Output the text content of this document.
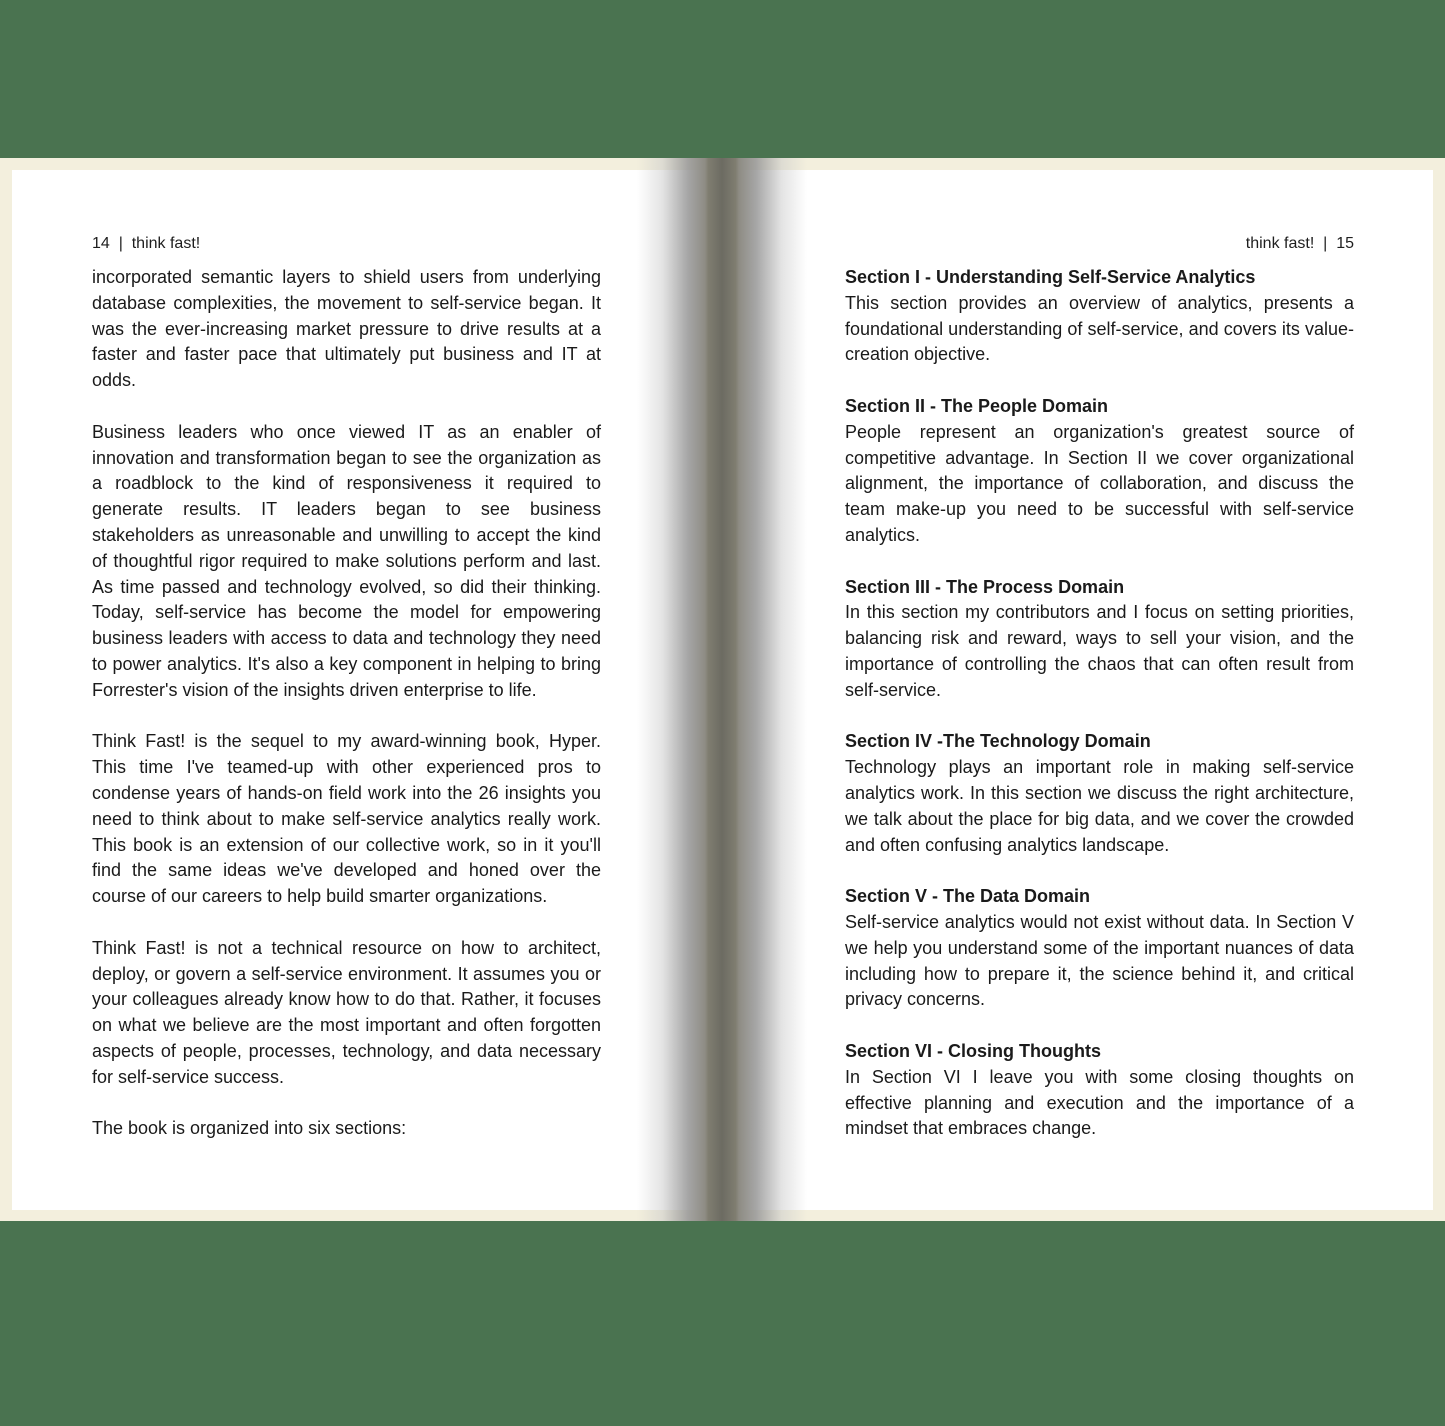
14  |  think fast!

incorporated semantic layers to shield users from underlying database complexities, the movement to self-service began. It was the ever-increasing market pressure to drive results at a faster and faster pace that ultimately put business and IT at odds.

Business leaders who once viewed IT as an enabler of innovation and transformation began to see the organization as a roadblock to the kind of responsiveness it required to generate results. IT leaders began to see business stakeholders as unreasonable and unwilling to accept the kind of thoughtful rigor required to make solutions perform and last. As time passed and technology evolved, so did their thinking. Today, self-service has become the model for empowering business leaders with access to data and technology they need to power analytics. It's also a key component in helping to bring Forrester's vision of the insights driven enterprise to life.

Think Fast! is the sequel to my award-winning book, Hyper. This time I've teamed-up with other experienced pros to condense years of hands-on field work into the 26 insights you need to think about to make self-service analytics really work. This book is an extension of our collective work, so in it you'll find the same ideas we've developed and honed over the course of our careers to help build smarter organizations.

Think Fast! is not a technical resource on how to architect, deploy, or govern a self-service environment. It assumes you or your colleagues already know how to do that. Rather, it focuses on what we believe are the most important and often forgotten aspects of people, processes, technology, and data necessary for self-service success.

The book is organized into six sections:

think fast!  |  15
Section I - Understanding Self-Service Analytics
This section provides an overview of analytics, presents a foundational understanding of self-service, and covers its value-creation objective.
Section II - The People Domain
People represent an organization's greatest source of competitive advantage. In Section II we cover organizational alignment, the importance of collaboration, and discuss the team make-up you need to be successful with self-service analytics.
Section III - The Process Domain
In this section my contributors and I focus on setting priorities, balancing risk and reward, ways to sell your vision, and the importance of controlling the chaos that can often result from self-service.
Section IV -The Technology Domain
Technology plays an important role in making self-service analytics work. In this section we discuss the right architecture, we talk about the place for big data, and we cover the crowded and often confusing analytics landscape.
Section V - The Data Domain
Self-service analytics would not exist without data. In Section V we help you understand some of the important nuances of data including how to prepare it, the science behind it, and critical privacy concerns.
Section VI - Closing Thoughts
In Section VI I leave you with some closing thoughts on effective planning and execution and the importance of a mindset that embraces change.
